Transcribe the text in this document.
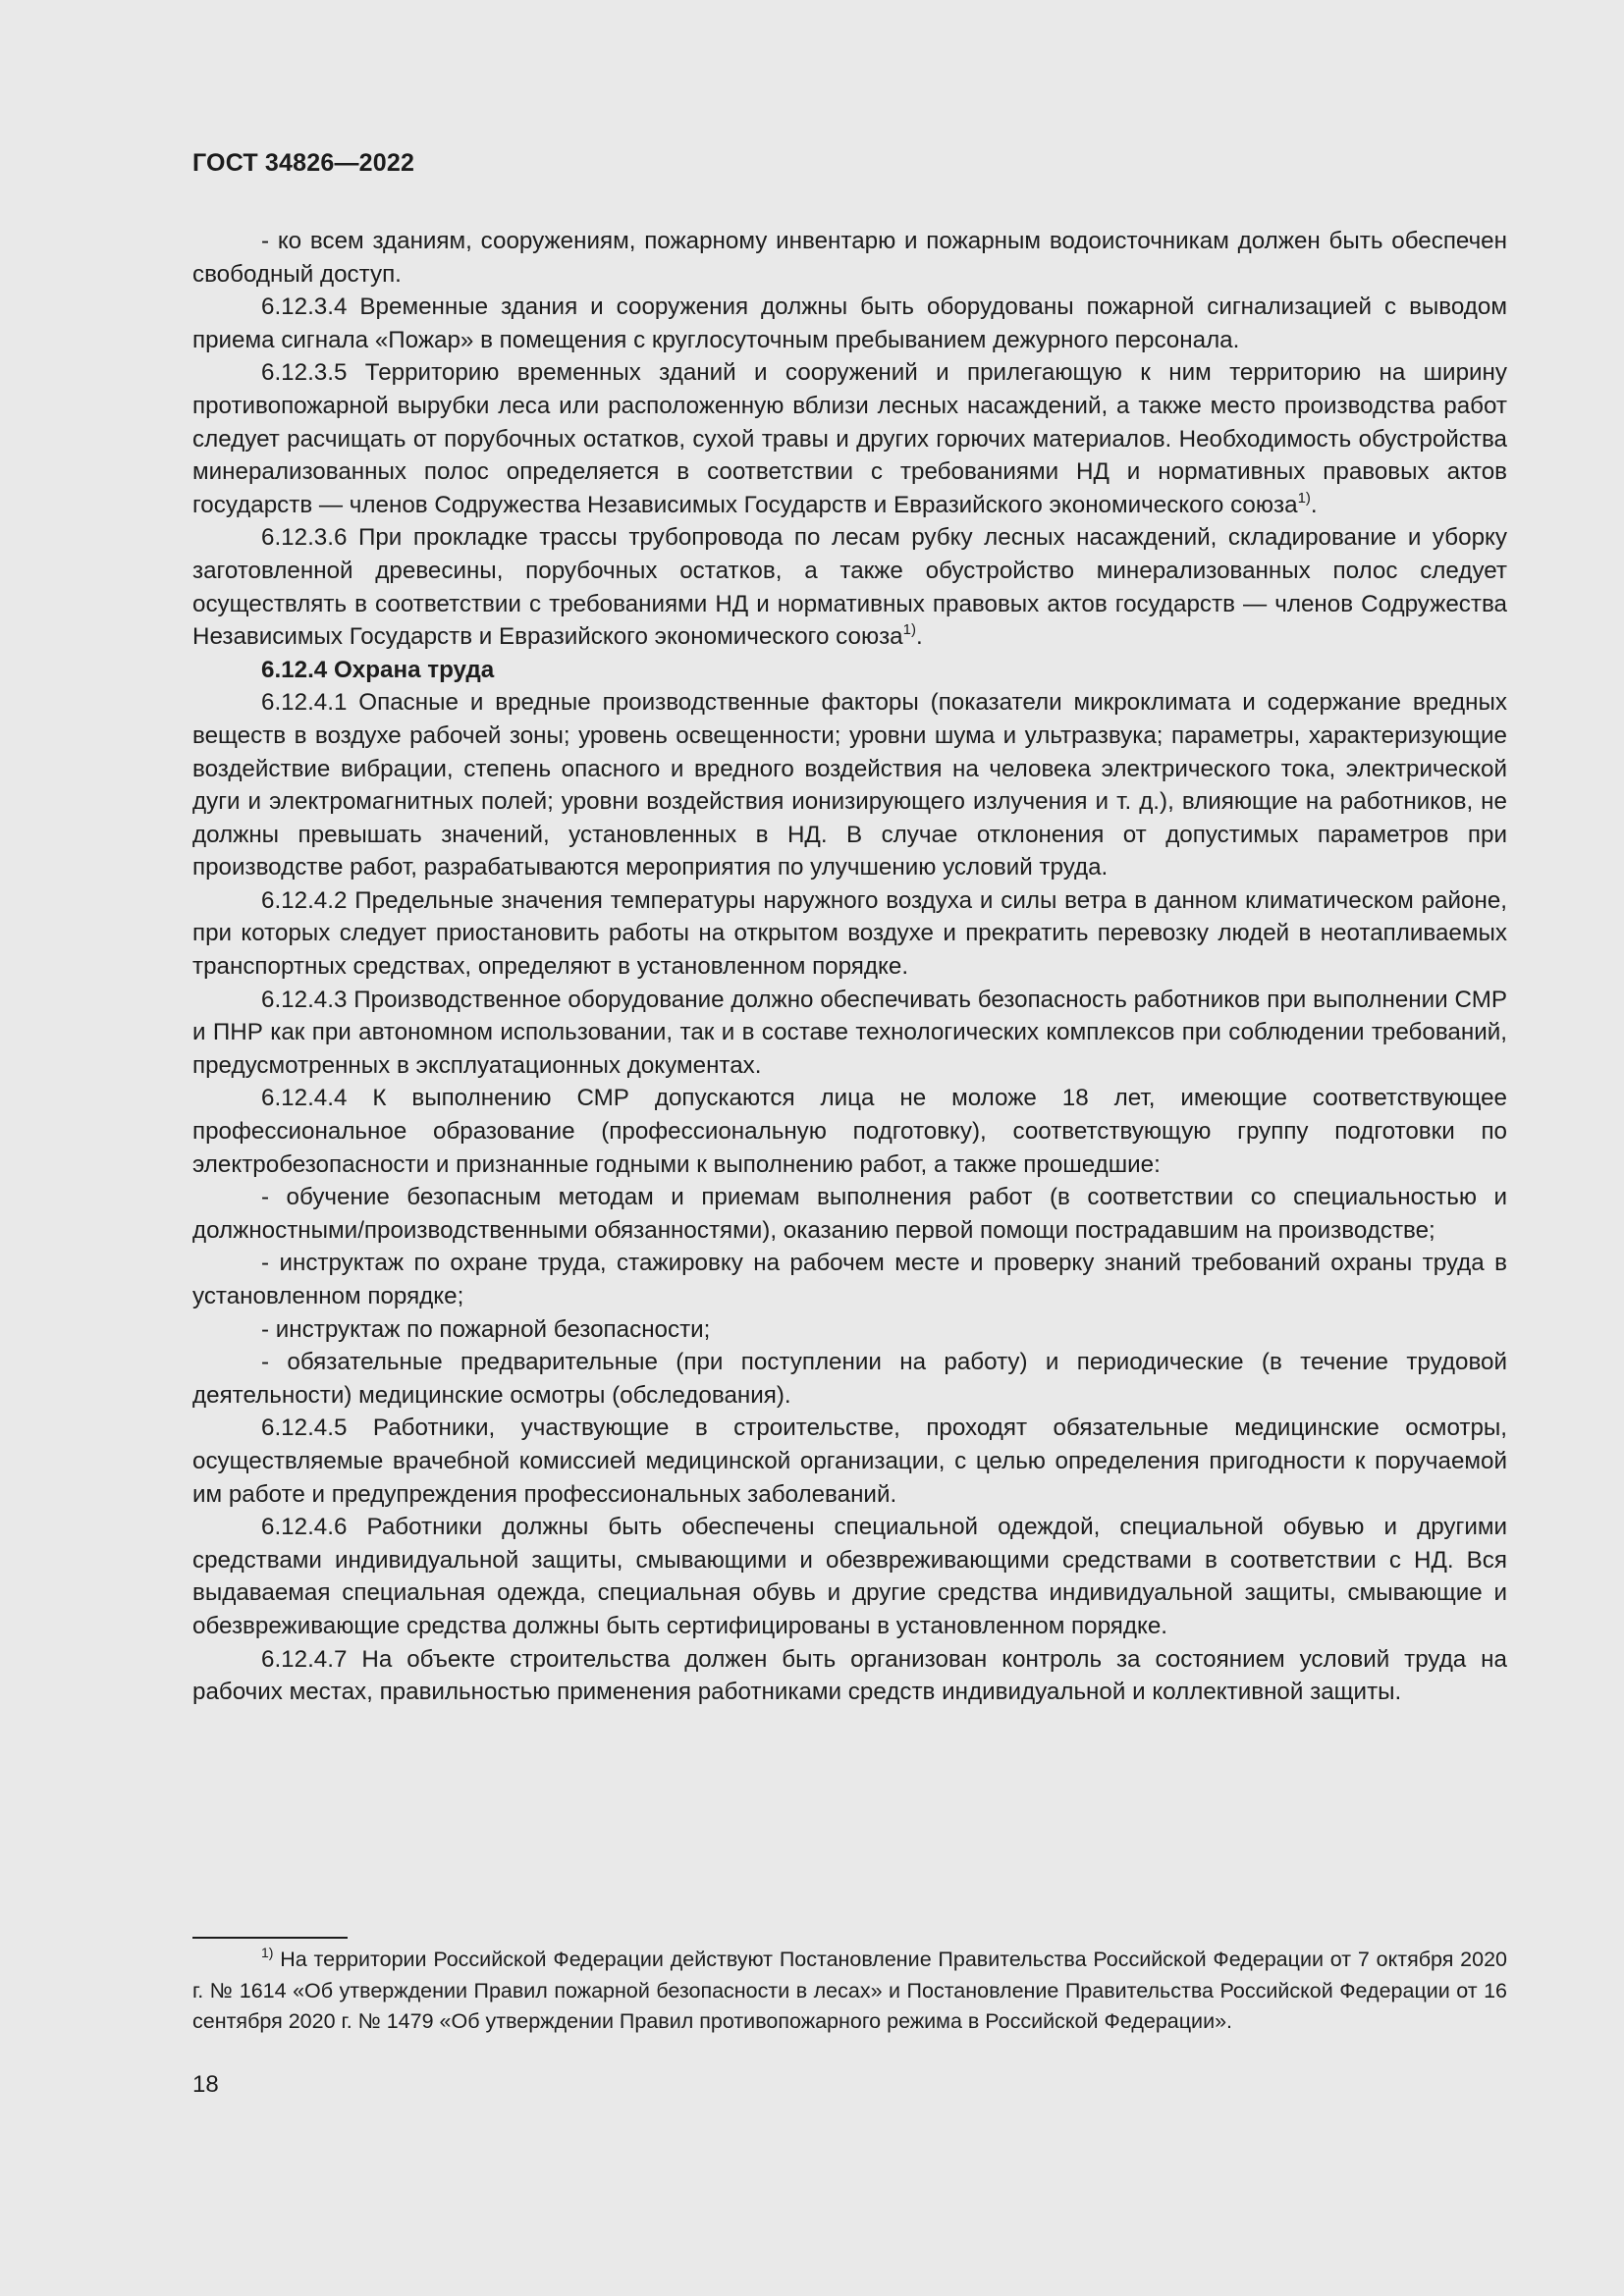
ГОСТ 34826—2022

- ко всем зданиям, сооружениям, пожарному инвентарю и пожарным водоисточникам должен быть обеспечен свободный доступ.

6.12.3.4 Временные здания и сооружения должны быть оборудованы пожарной сигнализацией с выводом приема сигнала «Пожар» в помещения с круглосуточным пребыванием дежурного персонала.

6.12.3.5 Территорию временных зданий и сооружений и прилегающую к ним территорию на ширину противопожарной вырубки леса или расположенную вблизи лесных насаждений, а также место производства работ следует расчищать от порубочных остатков, сухой травы и других горючих материалов. Необходимость обустройства минерализованных полос определяется в соответствии с требованиями НД и нормативных правовых актов государств — членов Содружества Независимых Государств и Евразийского экономического союза$^{1)}$.

6.12.3.6 При прокладке трассы трубопровода по лесам рубку лесных насаждений, складирование и уборку заготовленной древесины, порубочных остатков, а также обустройство минерализованных полос следует осуществлять в соответствии с требованиями НД и нормативных правовых актов государств — членов Содружества Независимых Государств и Евразийского экономического союза$^{1)}$.

6.12.4 Охрана труда

6.12.4.1 Опасные и вредные производственные факторы (показатели микроклимата и содержание вредных веществ в воздухе рабочей зоны; уровень освещенности; уровни шума и ультразвука; параметры, характеризующие воздействие вибрации, степень опасного и вредного воздействия на человека электрического тока, электрической дуги и электромагнитных полей; уровни воздействия ионизирующего излучения и т. д.), влияющие на работников, не должны превышать значений, установленных в НД. В случае отклонения от допустимых параметров при производстве работ, разрабатываются мероприятия по улучшению условий труда.

6.12.4.2 Предельные значения температуры наружного воздуха и силы ветра в данном климатическом районе, при которых следует приостановить работы на открытом воздухе и прекратить перевозку людей в неотапливаемых транспортных средствах, определяют в установленном порядке.

6.12.4.3 Производственное оборудование должно обеспечивать безопасность работников при выполнении СМР и ПНР как при автономном использовании, так и в составе технологических комплексов при соблюдении требований, предусмотренных в эксплуатационных документах.

6.12.4.4 К выполнению СМР допускаются лица не моложе 18 лет, имеющие соответствующее профессиональное образование (профессиональную подготовку), соответствующую группу подготовки по электробезопасности и признанные годными к выполнению работ, а также прошедшие:

- обучение безопасным методам и приемам выполнения работ (в соответствии со специальностью и должностными/производственными обязанностями), оказанию первой помощи пострадавшим на производстве;

- инструктаж по охране труда, стажировку на рабочем месте и проверку знаний требований охраны труда в установленном порядке;

- инструктаж по пожарной безопасности;

- обязательные предварительные (при поступлении на работу) и периодические (в течение трудовой деятельности) медицинские осмотры (обследования).

6.12.4.5 Работники, участвующие в строительстве, проходят обязательные медицинские осмотры, осуществляемые врачебной комиссией медицинской организации, с целью определения пригодности к поручаемой им работе и предупреждения профессиональных заболеваний.

6.12.4.6 Работники должны быть обеспечены специальной одеждой, специальной обувью и другими средствами индивидуальной защиты, смывающими и обезвреживающими средствами в соответствии с НД. Вся выдаваемая специальная одежда, специальная обувь и другие средства индивидуальной защиты, смывающие и обезвреживающие средства должны быть сертифицированы в установленном порядке.

6.12.4.7 На объекте строительства должен быть организован контроль за состоянием условий труда на рабочих местах, правильностью применения работниками средств индивидуальной и коллективной защиты.

$^{1)}$ На территории Российской Федерации действуют Постановление Правительства Российской Федерации от 7 октября 2020 г. № 1614 «Об утверждении Правил пожарной безопасности в лесах» и Постановление Правительства Российской Федерации от 16 сентября 2020 г. № 1479 «Об утверждении Правил противопожарного режима в Российской Федерации».

18
